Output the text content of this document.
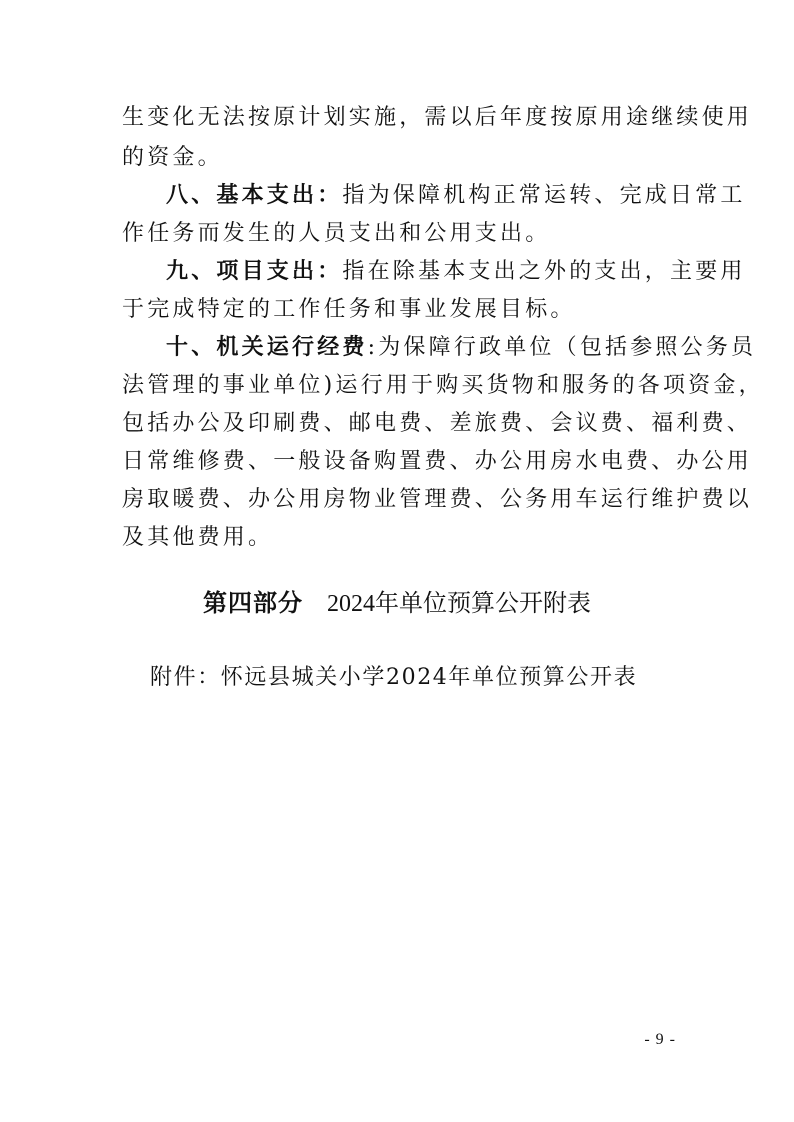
生变化无法按原计划实施，需以后年度按原用途继续使用
的资金。
八、基本支出：指为保障机构正常运转、完成日常工
作任务而发生的人员支出和公用支出。
九、项目支出：指在除基本支出之外的支出，主要用
于完成特定的工作任务和事业发展目标。
十、机关运行经费:为保障行政单位（包括参照公务员
法管理的事业单位)运行用于购买货物和服务的各项资金，
包括办公及印刷费、邮电费、差旅费、会议费、福利费、
日常维修费、一般设备购置费、办公用房水电费、办公用
房取暖费、办公用房物业管理费、公务用车运行维护费以
及其他费用。
第四部分 2024年单位预算公开附表
附件：怀远县城关小学2024年单位预算公开表
- 9 -
